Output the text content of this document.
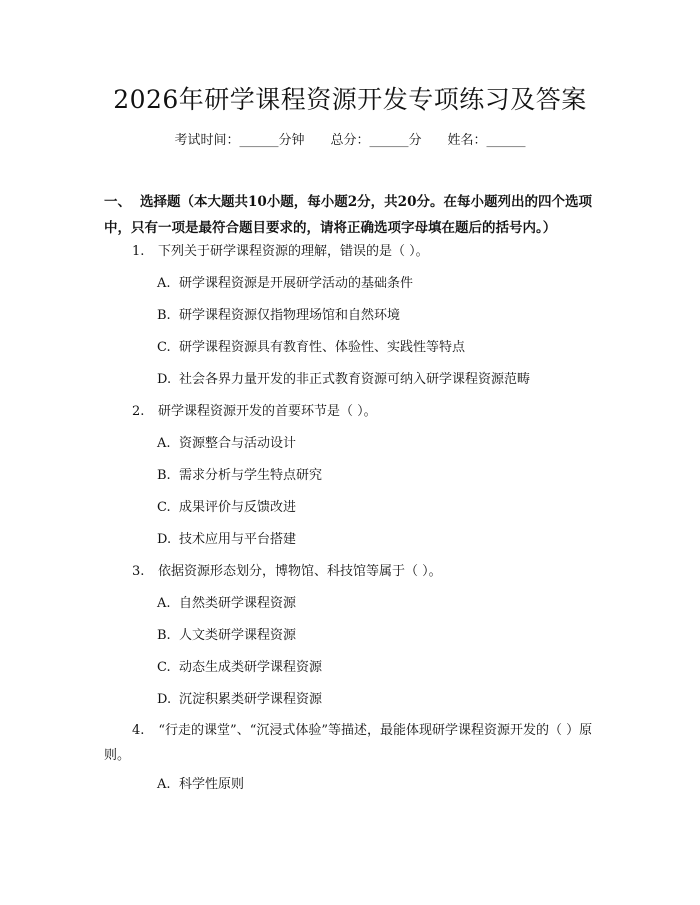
2026年研学课程资源开发专项练习及答案
考试时间：______分钟 总分：______分 姓名：______
一、 选择题（本大题共10小题，每小题2分，共20分。在每小题列出的四个选项中，只有一项是最符合题目要求的，请将正确选项字母填在题后的括号内。）
1. 下列关于研学课程资源的理解，错误的是（ ）。
A. 研学课程资源是开展研学活动的基础条件
B. 研学课程资源仅指物理场馆和自然环境
C. 研学课程资源具有教育性、体验性、实践性等特点
D. 社会各界力量开发的非正式教育资源可纳入研学课程资源范畴
2. 研学课程资源开发的首要环节是（ ）。
A. 资源整合与活动设计
B. 需求分析与学生特点研究
C. 成果评价与反馈改进
D. 技术应用与平台搭建
3. 依据资源形态划分，博物馆、科技馆等属于（ ）。
A. 自然类研学课程资源
B. 人文类研学课程资源
C. 动态生成类研学课程资源
D. 沉淀积累类研学课程资源
4. “行走的课堂”、“沉浸式体验”等描述，最能体现研学课程资源开发的（ ）原则。
A. 科学性原则
